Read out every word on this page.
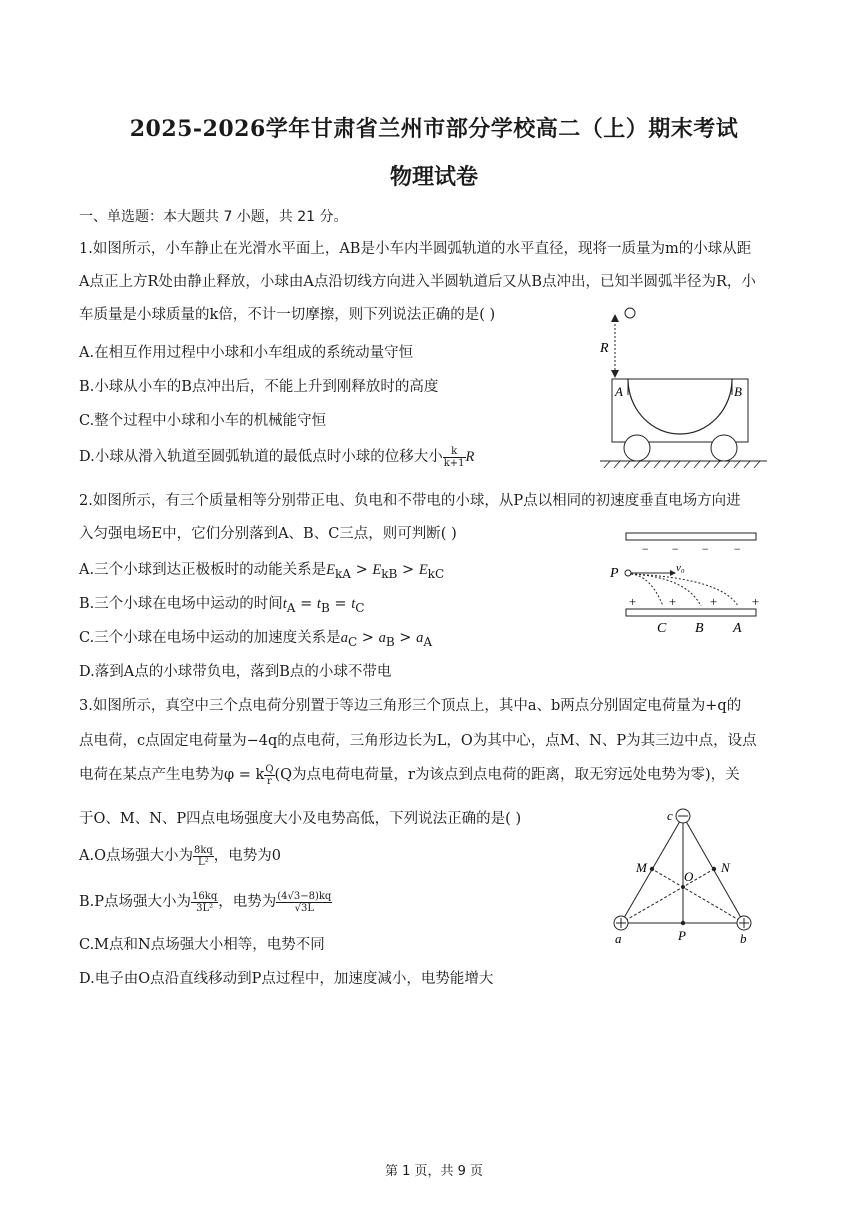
2025-2026学年甘肃省兰州市部分学校高二（上）期末考试
物理试卷
一、单选题：本大题共 7 小题，共 21 分。
1.如图所示，小车静止在光滑水平面上，AB是小车内半圆弧轨道的水平直径，现将一质量为m的小球从距
A点正上方R处由静止释放，小球由A点沿切线方向进入半圆轨道后又从B点冲出，已知半圆弧半径为R，小
车质量是小球质量的k倍，不计一切摩擦，则下列说法正确的是( )
A.在相互作用过程中小球和小车组成的系统动量守恒
B.小球从小车的B点冲出后，不能上升到刚释放时的高度
C.整个过程中小球和小车的机械能守恒
D.小球从滑入轨道至圆弧轨道的最低点时小球的位移大小 $\frac{k}{k+1}$ R
R
A	B
2.如图所示，有三个质量相等分别带正电、负电和不带电的小球，从P点以相同的初速度垂直电场方向进
入匀强电场E中，它们分别落到A、B、C三点，则可判断( )
A.三个小球到达正极板时的动能关系是$E_{kA} > E_{kB} > E_{kC}$
B.三个小球在电场中运动的时间$t_A = t_B = t_C$
C.三个小球在电场中运动的加速度关系是$a_C > a_B > a_A$
D.落到A点的小球带负电，落到B点的小球不带电
− − − −
P	v₀
+ + +	+
C B A
3.如图所示，真空中三个点电荷分别置于等边三角形三个顶点上，其中a、b两点分别固定电荷量为+q的
点电荷，c点固定电荷量为−4q的点电荷，三角形边长为L，O为其中心，点M、N、P为其三边中点，设点
电荷在某点产生电势为φ = k $\frac{Q}{r} (Q$为点电荷电荷量，r为该点到点电荷的距离，取无穷远处电势为零)，关
于O、M、N、P四点电场强度大小及电势高低，下列说法正确的是( )
A.O点场强大小为 $\frac{8kq}{\text{L²}}$ ，电势为0
B.P点场强大小为 $\frac{16kq}{\text{3L²}}$ ，电势为 $\frac{(4√3-8)kq}{√3L}$
C.M点和N点场强大小相等，电势不同
D.电子由O点沿直线移动到P点过程中，加速度减小，电势能增大
c
M	N
O
a	P	b
第 1 页，共 9 页
